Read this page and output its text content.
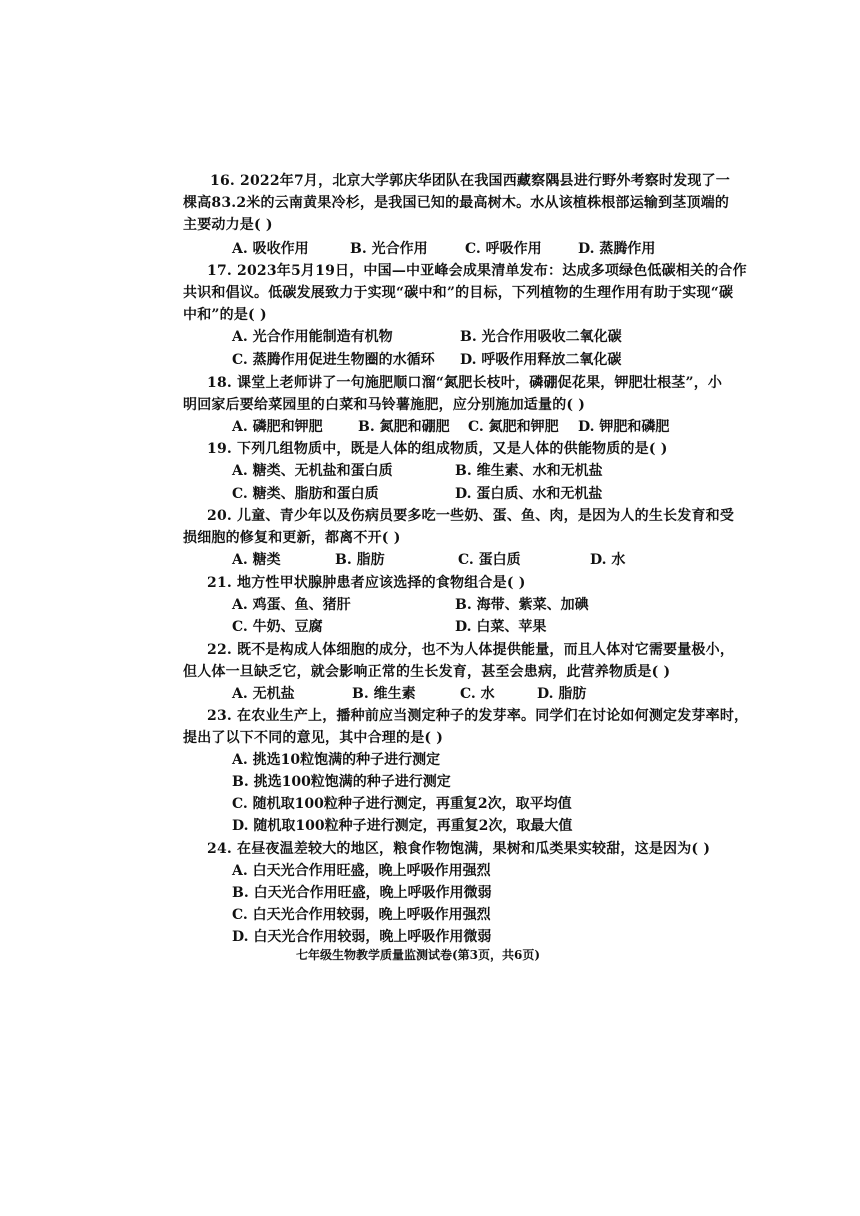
16. 2022年7月，北京大学郭庆华团队在我国西藏察隅县进行野外考察时发现了一
棵高83.2米的云南黄果冷杉，是我国已知的最高树木。水从该植株根部运输到茎顶端的
主要动力是( )
A. 吸收作用	B. 光合作用	C. 呼吸作用	D. 蒸腾作用
17. 2023年5月19日，中国—中亚峰会成果清单发布：达成多项绿色低碳相关的合作
共识和倡议。低碳发展致力于实现“碳中和”的目标，下列植物的生理作用有助于实现“碳
中和”的是( )
A. 光合作用能制造有机物	B. 光合作用吸收二氧化碳
C. 蒸腾作用促进生物圈的水循环 D. 呼吸作用释放二氧化碳
18. 课堂上老师讲了一句施肥顺口溜“氮肥长枝叶，磷硼促花果，钾肥壮根茎”，小
明回家后要给菜园里的白菜和马铃薯施肥，应分别施加适量的( )
A. 磷肥和钾肥	B. 氮肥和硼肥 C. 氮肥和钾肥 D. 钾肥和磷肥
19. 下列几组物质中，既是人体的组成物质，又是人体的供能物质的是( )
A. 糖类、无机盐和蛋白质	B. 维生素、水和无机盐
C. 糖类、脂肪和蛋白质	D. 蛋白质、水和无机盐
20. 儿童、青少年以及伤病员要多吃一些奶、蛋、鱼、肉，是因为人的生长发育和受
损细胞的修复和更新，都离不开( )
A. 糖类	B. 脂肪	C. 蛋白质	D. 水
21. 地方性甲状腺肿患者应该选择的食物组合是( )
A. 鸡蛋、鱼、猪肝	B. 海带、紫菜、加碘
C. 牛奶、豆腐	D. 白菜、苹果
22. 既不是构成人体细胞的成分，也不为人体提供能量，而且人体对它需要量极小，
但人体一旦缺乏它，就会影响正常的生长发育，甚至会患病，此营养物质是( )
A. 无机盐	B. 维生素	C. 水	D. 脂肪
23. 在农业生产上，播种前应当测定种子的发芽率。同学们在讨论如何测定发芽率时，
提出了以下不同的意见，其中合理的是( )
A. 挑选10粒饱满的种子进行测定
B. 挑选100粒饱满的种子进行测定
C. 随机取100粒种子进行测定，再重复2次，取平均值
D. 随机取100粒种子进行测定，再重复2次，取最大值
24. 在昼夜温差较大的地区，粮食作物饱满，果树和瓜类果实较甜，这是因为( )
A. 白天光合作用旺盛，晚上呼吸作用强烈
B. 白天光合作用旺盛，晚上呼吸作用微弱
C. 白天光合作用较弱，晚上呼吸作用强烈
D. 白天光合作用较弱，晚上呼吸作用微弱
七年级生物教学质量监测试卷(第3页，共6页)
